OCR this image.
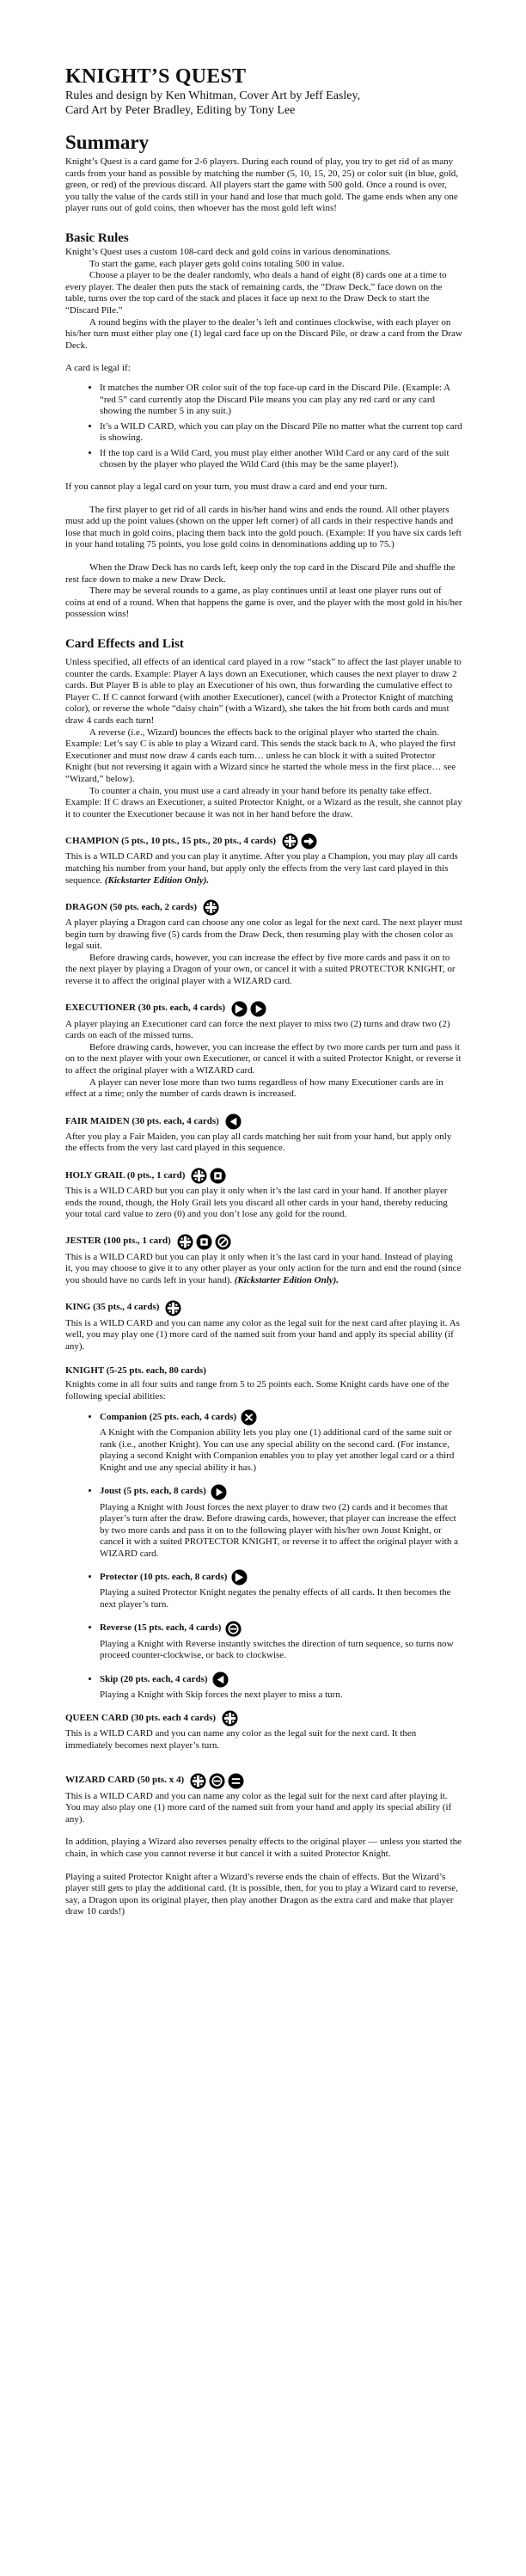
KNIGHT’S QUEST
Rules and design by Ken Whitman, Cover Art by Jeff Easley,
Card Art by Peter Bradley, Editing by Tony Lee
Summary

Knight’s Quest is a card game for 2-6 players. During each round of play, you try to get rid of as many cards from your hand as possible by matching the number (5, 10, 15, 20, 25) or color suit (in blue, gold, green, or red) of the previous discard. All players start the game with 500 gold. Once a round is over, you tally the value of the cards still in your hand and lose that much gold. The game ends when any one player runs out of gold coins, then whoever has the most gold left wins!

Basic Rules

Knight’s Quest uses a custom 108-card deck and gold coins in various denominations.

To start the game, each player gets gold coins totaling 500 in value.

Choose a player to be the dealer randomly, who deals a hand of eight (8) cards one at a time to every player. The dealer then puts the stack of remaining cards, the “Draw Deck,” face down on the table, turns over the top card of the stack and places it face up next to the Draw Deck to start the “Discard Pile.”

A round begins with the player to the dealer’s left and continues clockwise, with each player on his/her turn must either play one (1) legal card face up on the Discard Pile, or draw a card from the Draw Deck.

A card is legal if:

• It matches the number OR color suit of the top face-up card in the Discard Pile. (Example: A “red 5” card currently atop the Discard Pile means you can play any red card or any card showing the number 5 in any suit.)
• It’s a WILD CARD, which you can play on the Discard Pile no matter what the current top card is showing.
• If the top card is a Wild Card, you must play either another Wild Card or any card of the suit chosen by the player who played the Wild Card (this may be the same player!).

If you cannot play a legal card on your turn, you must draw a card and end your turn.

The first player to get rid of all cards in his/her hand wins and ends the round. All other players must add up the point values (shown on the upper left corner) of all cards in their respective hands and lose that much in gold coins, placing them back into the gold pouch. (Example: If you have six cards left in your hand totaling 75 points, you lose gold coins in denominations adding up to 75.)

When the Draw Deck has no cards left, keep only the top card in the Discard Pile and shuffle the rest face down to make a new Draw Deck.

There may be several rounds to a game, as play continues until at least one player runs out of coins at end of a round. When that happens the game is over, and the player with the most gold in his/her possession wins!

Card Effects and List

Unless specified, all effects of an identical card played in a row “stack” to affect the last player unable to counter the cards. Example: Player A lays down an Executioner, which causes the next player to draw 2 cards. But Player B is able to play an Executioner of his own, thus forwarding the cumulative effect to Player C. If C cannot forward (with another Executioner), cancel (with a Protector Knight of matching color), or reverse the whole “daisy chain” (with a Wizard), she takes the hit from both cards and must draw 4 cards each turn!

A reverse (i.e., Wizard) bounces the effects back to the original player who started the chain. Example: Let’s say C is able to play a Wizard card. This sends the stack back to A, who played the first Executioner and must now draw 4 cards each turn… unless he can block it with a suited Protector Knight (but not reversing it again with a Wizard since he started the whole mess in the first place… see “Wizard,” below).

To counter a chain, you must use a card already in your hand before its penalty take effect. Example: If C draws an Executioner, a suited Protector Knight, or a Wizard as the result, she cannot play it to counter the Executioner because it was not in her hand before the draw.

CHAMPION (5 pts., 10 pts., 15 pts., 20 pts., 4 cards)

This is a WILD CARD and you can play it anytime. After you play a Champion, you may play all cards matching his number from your hand, but apply only the effects from the very last card played in this sequence. (Kickstarter Edition Only).

DRAGON (50 pts. each, 2 cards)

A player playing a Dragon card can choose any one color as legal for the next card. The next player must begin turn by drawing five (5) cards from the Draw Deck, then resuming play with the chosen color as legal suit.

Before drawing cards, however, you can increase the effect by five more cards and pass it on to the next player by playing a Dragon of your own, or cancel it with a suited PROTECTOR KNIGHT, or reverse it to affect the original player with a WIZARD card.

EXECUTIONER (30 pts. each, 4 cards)

A player playing an Executioner card can force the next player to miss two (2) turns and draw two (2) cards on each of the missed turns.

Before drawing cards, however, you can increase the effect by two more cards per turn and pass it on to the next player with your own Executioner, or cancel it with a suited Protector Knight, or reverse it to affect the original player with a WIZARD card.

A player can never lose more than two turns regardless of how many Executioner cards are in effect at a time; only the number of cards drawn is increased.

FAIR MAIDEN (30 pts. each, 4 cards)

After you play a Fair Maiden, you can play all cards matching her suit from your hand, but apply only the effects from the very last card played in this sequence.

HOLY GRAIL (0 pts., 1 card)

This is a WILD CARD but you can play it only when it’s the last card in your hand. If another player ends the round, though, the Holy Grail lets you discard all other cards in your hand, thereby reducing your total card value to zero (0) and you don’t lose any gold for the round.

JESTER (100 pts., 1 card)

This is a WILD CARD but you can play it only when it’s the last card in your hand. Instead of playing it, you may choose to give it to any other player as your only action for the turn and end the round (since you should have no cards left in your hand). (Kickstarter Edition Only).

KING (35 pts., 4 cards)

This is a WILD CARD and you can name any color as the legal suit for the next card after playing it. As well, you may play one (1) more card of the named suit from your hand and apply its special ability (if any).

KNIGHT (5-25 pts. each, 80 cards)

Knights come in all four suits and range from 5 to 25 points each. Some Knight cards have one of the following special abilities:

• Companion (25 pts. each, 4 cards)
A Knight with the Companion ability lets you play one (1) additional card of the same suit or rank (i.e., another Knight). You can use any special ability on the second card. (For instance, playing a second Knight with Companion enables you to play yet another legal card or a third Knight and use any special ability it has.)
• Joust (5 pts. each, 8 cards)
Playing a Knight with Joust forces the next player to draw two (2) cards and it becomes that player’s turn after the draw. Before drawing cards, however, that player can increase the effect by two more cards and pass it on to the following player with his/her own Joust Knight, or cancel it with a suited PROTECTOR KNIGHT, or reverse it to affect the original player with a WIZARD card.
• Protector (10 pts. each, 8 cards)
Playing a suited Protector Knight negates the penalty effects of all cards. It then becomes the next player’s turn.
• Reverse (15 pts. each, 4 cards)
Playing a Knight with Reverse instantly switches the direction of turn sequence, so turns now proceed counter-clockwise, or back to clockwise.
• Skip (20 pts. each, 4 cards)
Playing a Knight with Skip forces the next player to miss a turn.
QUEEN CARD (30 pts. each 4 cards)

This is a WILD CARD and you can name any color as the legal suit for the next card. It then immediately becomes next player’s turn.

WIZARD CARD (50 pts. x 4)

This is a WILD CARD and you can name any color as the legal suit for the next card after playing it. You may also play one (1) more card of the named suit from your hand and apply its special ability (if any).

In addition, playing a Wizard also reverses penalty effects to the original player — unless you started the chain, in which case you cannot reverse it but cancel it with a suited Protector Knight.

Playing a suited Protector Knight after a Wizard’s reverse ends the chain of effects. But the Wizard’s player still gets to play the additional card. (It is possible, then, for you to play a Wizard card to reverse, say, a Dragon upon its original player, then play another Dragon as the extra card and make that player draw 10 cards!)
